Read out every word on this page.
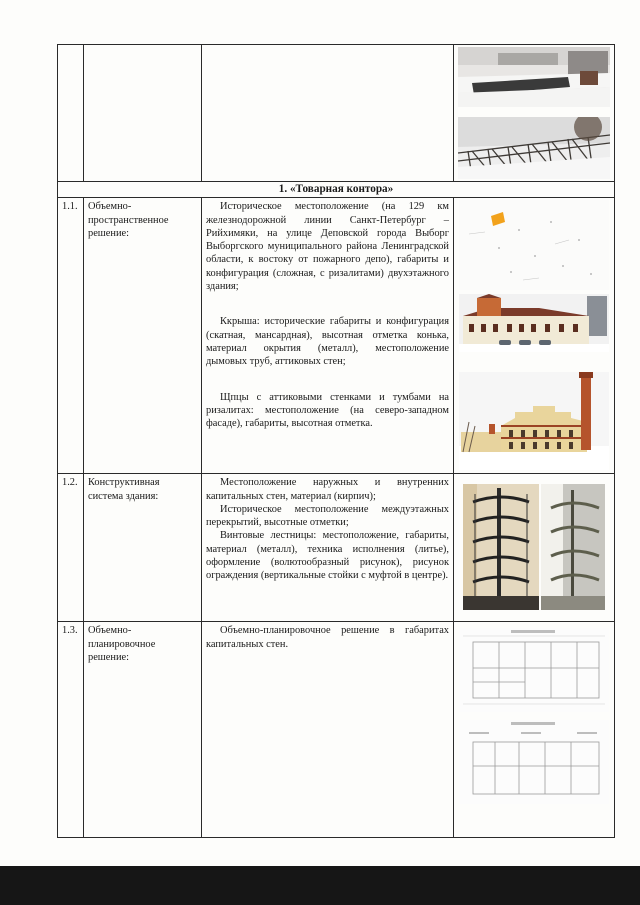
1. «Товарная контора»			
1.1.	Объемно-пространственное решение:	Историческое местоположение (на 129 км железнодорожной линии Санкт-Петербург – Рийхимяки, на улице Деповской города Выборг Выборгского муниципального района Ленинградской области, к востоку от пожарного депо), габариты и конфигурация (сложная, с ризалитами) двухэтажного здания;

Ккрыша: исторические габариты и конфигурация (скатная, мансардная), высотная отметка конька, материал окрытия (металл), местоположение дымовых труб, аттиковых стен;

Щпцы с аттиковыми стенками и тумбами на ризалитах: местоположение (на северо-западном фасаде), габариты, высотная отметка.

1.2.	Конструктивная система здания:	Местоположение наружных и внутренних капитальных стен, материал (кирпич);

Историческое местоположение междуэтажных перекрытий, высотные отметки;

Винтовые лестницы: местоположение, габариты, материал (металл), техника исполнения (литье), оформление (волютообразный рисунок), рисунок ограждения (вертикальные стойки с муфтой в центре).

1.3.	Объемно-планировочное решение:	Объемно-планировочное решение в габаритах капитальных стен.
